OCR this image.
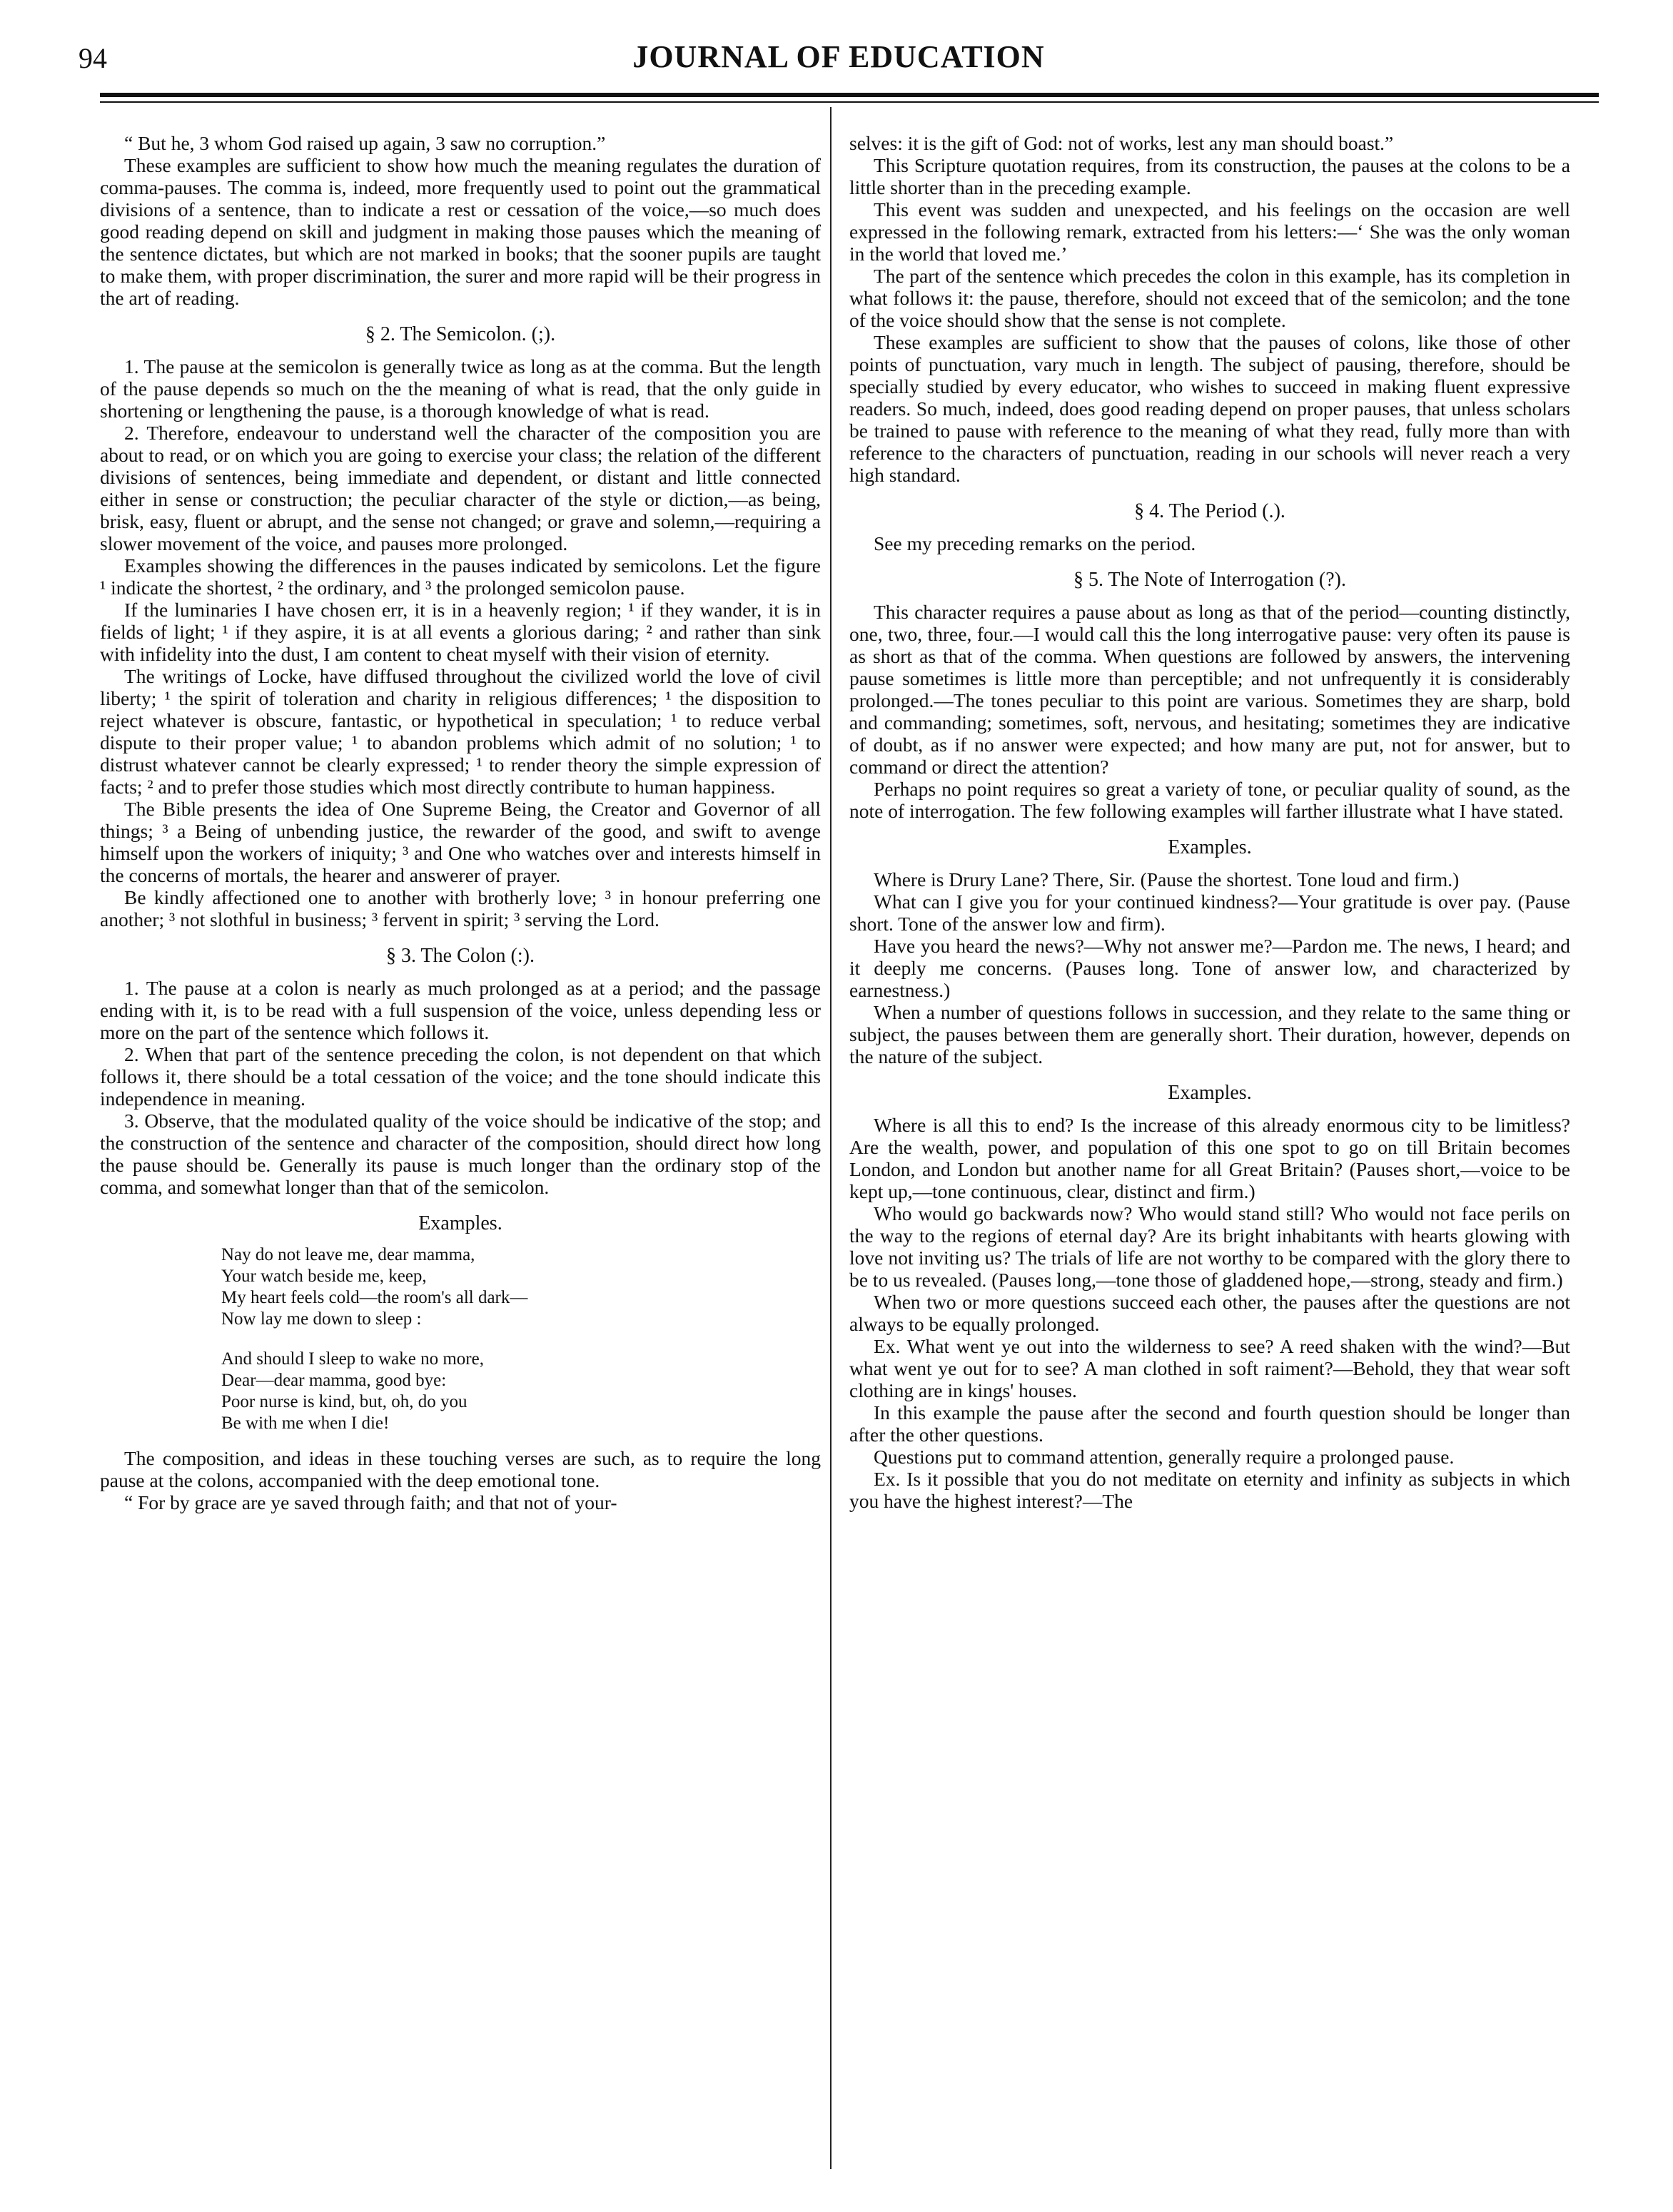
94	JOURNAL OF EDUCATION

“ But he, 3 whom God raised up again, 3 saw no corruption.”

These examples are sufficient to show how much the meaning regulates the duration of comma-pauses. The comma is, indeed, more frequently used to point out the grammatical divisions of a sentence, than to indicate a rest or cessation of the voice,—so much does good reading depend on skill and judgment in making those pauses which the meaning of the sentence dictates, but which are not marked in books; that the sooner pupils are taught to make them, with proper discrimination, the surer and more rapid will be their progress in the art of reading.

§ 2. The Semicolon. (;).

1. The pause at the semicolon is generally twice as long as at the comma. But the length of the pause depends so much on the the meaning of what is read, that the only guide in shortening or lengthening the pause, is a thorough knowledge of what is read.

2. Therefore, endeavour to understand well the character of the composition you are about to read, or on which you are going to exercise your class; the relation of the different divisions of sentences, being immediate and dependent, or distant and little connected either in sense or construction; the peculiar character of the style or diction,—as being, brisk, easy, fluent or abrupt, and the sense not changed; or grave and solemn,—requiring a slower movement of the voice, and pauses more prolonged.

Examples showing the differences in the pauses indicated by semicolons. Let the figure ¹ indicate the shortest, ² the ordinary, and ³ the prolonged semicolon pause.

If the luminaries I have chosen err, it is in a heavenly region; ¹ if they wander, it is in fields of light; ¹ if they aspire, it is at all events a glorious daring; ² and rather than sink with infidelity into the dust, I am content to cheat myself with their vision of eternity.

The writings of Locke, have diffused throughout the civilized world the love of civil liberty; ¹ the spirit of toleration and charity in religious differences; ¹ the disposition to reject whatever is obscure, fantastic, or hypothetical in speculation; ¹ to reduce verbal dispute to their proper value; ¹ to abandon problems which admit of no solution; ¹ to distrust whatever cannot be clearly expressed; ¹ to render theory the simple expression of facts; ² and to prefer those studies which most directly contribute to human happiness.

The Bible presents the idea of One Supreme Being, the Creator and Governor of all things; ³ a Being of unbending justice, the rewarder of the good, and swift to avenge himself upon the workers of iniquity; ³ and One who watches over and interests himself in the concerns of mortals, the hearer and answerer of prayer.

Be kindly affectioned one to another with brotherly love; ³ in honour preferring one another; ³ not slothful in business; ³ fervent in spirit; ³ serving the Lord.

§ 3. The Colon (:).

1. The pause at a colon is nearly as much prolonged as at a period; and the passage ending with it, is to be read with a full suspension of the voice, unless depending less or more on the part of the sentence which follows it.

2. When that part of the sentence preceding the colon, is not dependent on that which follows it, there should be a total cessation of the voice; and the tone should indicate this independence in meaning.

3. Observe, that the modulated quality of the voice should be indicative of the stop; and the construction of the sentence and character of the composition, should direct how long the pause should be. Generally its pause is much longer than the ordinary stop of the comma, and somewhat longer than that of the semicolon.

Examples.
Nay do not leave me, dear mamma,
Your watch beside me, keep,
My heart feels cold—the room's all dark—
Now lay me down to sleep :
And should I sleep to wake no more,
Dear—dear mamma, good bye:
Poor nurse is kind, but, oh, do you
Be with me when I die!

The composition, and ideas in these touching verses are such, as to require the long pause at the colons, accompanied with the deep emotional tone.

“ For by grace are ye saved through faith; and that not of your-

selves: it is the gift of God: not of works, lest any man should boast.”

This Scripture quotation requires, from its construction, the pauses at the colons to be a little shorter than in the preceding example.

This event was sudden and unexpected, and his feelings on the occasion are well expressed in the following remark, extracted from his letters:—‘ She was the only woman in the world that loved me.’

The part of the sentence which precedes the colon in this example, has its completion in what follows it: the pause, therefore, should not exceed that of the semicolon; and the tone of the voice should show that the sense is not complete.

These examples are sufficient to show that the pauses of colons, like those of other points of punctuation, vary much in length. The subject of pausing, therefore, should be specially studied by every educator, who wishes to succeed in making fluent expressive readers. So much, indeed, does good reading depend on proper pauses, that unless scholars be trained to pause with reference to the meaning of what they read, fully more than with reference to the characters of punctuation, reading in our schools will never reach a very high standard.

§ 4. The Period (.).

See my preceding remarks on the period.

§ 5. The Note of Interrogation (?).

This character requires a pause about as long as that of the period—counting distinctly, one, two, three, four.—I would call this the long interrogative pause: very often its pause is as short as that of the comma. When questions are followed by answers, the intervening pause sometimes is little more than perceptible; and not unfrequently it is considerably prolonged.—The tones peculiar to this point are various. Sometimes they are sharp, bold and commanding; sometimes, soft, nervous, and hesitating; sometimes they are indicative of doubt, as if no answer were expected; and how many are put, not for answer, but to command or direct the attention?

Perhaps no point requires so great a variety of tone, or peculiar quality of sound, as the note of interrogation. The few following examples will farther illustrate what I have stated.

Examples.

Where is Drury Lane? There, Sir. (Pause the shortest. Tone loud and firm.)

What can I give you for your continued kindness?—Your gratitude is over pay. (Pause short. Tone of the answer low and firm).

Have you heard the news?—Why not answer me?—Pardon me. The news, I heard; and it deeply me concerns. (Pauses long. Tone of answer low, and characterized by earnestness.)

When a number of questions follows in succession, and they relate to the same thing or subject, the pauses between them are generally short. Their duration, however, depends on the nature of the subject.

Examples.

Where is all this to end? Is the increase of this already enormous city to be limitless? Are the wealth, power, and population of this one spot to go on till Britain becomes London, and London but another name for all Great Britain? (Pauses short,—voice to be kept up,—tone continuous, clear, distinct and firm.)

Who would go backwards now? Who would stand still? Who would not face perils on the way to the regions of eternal day? Are its bright inhabitants with hearts glowing with love not inviting us? The trials of life are not worthy to be compared with the glory there to be to us revealed. (Pauses long,—tone those of gladdened hope,—strong, steady and firm.)

When two or more questions succeed each other, the pauses after the questions are not always to be equally prolonged.

Ex. What went ye out into the wilderness to see? A reed shaken with the wind?—But what went ye out for to see? A man clothed in soft raiment?—Behold, they that wear soft clothing are in kings' houses.

In this example the pause after the second and fourth question should be longer than after the other questions.

Questions put to command attention, generally require a prolonged pause.

Ex. Is it possible that you do not meditate on eternity and infinity as subjects in which you have the highest interest?—The
